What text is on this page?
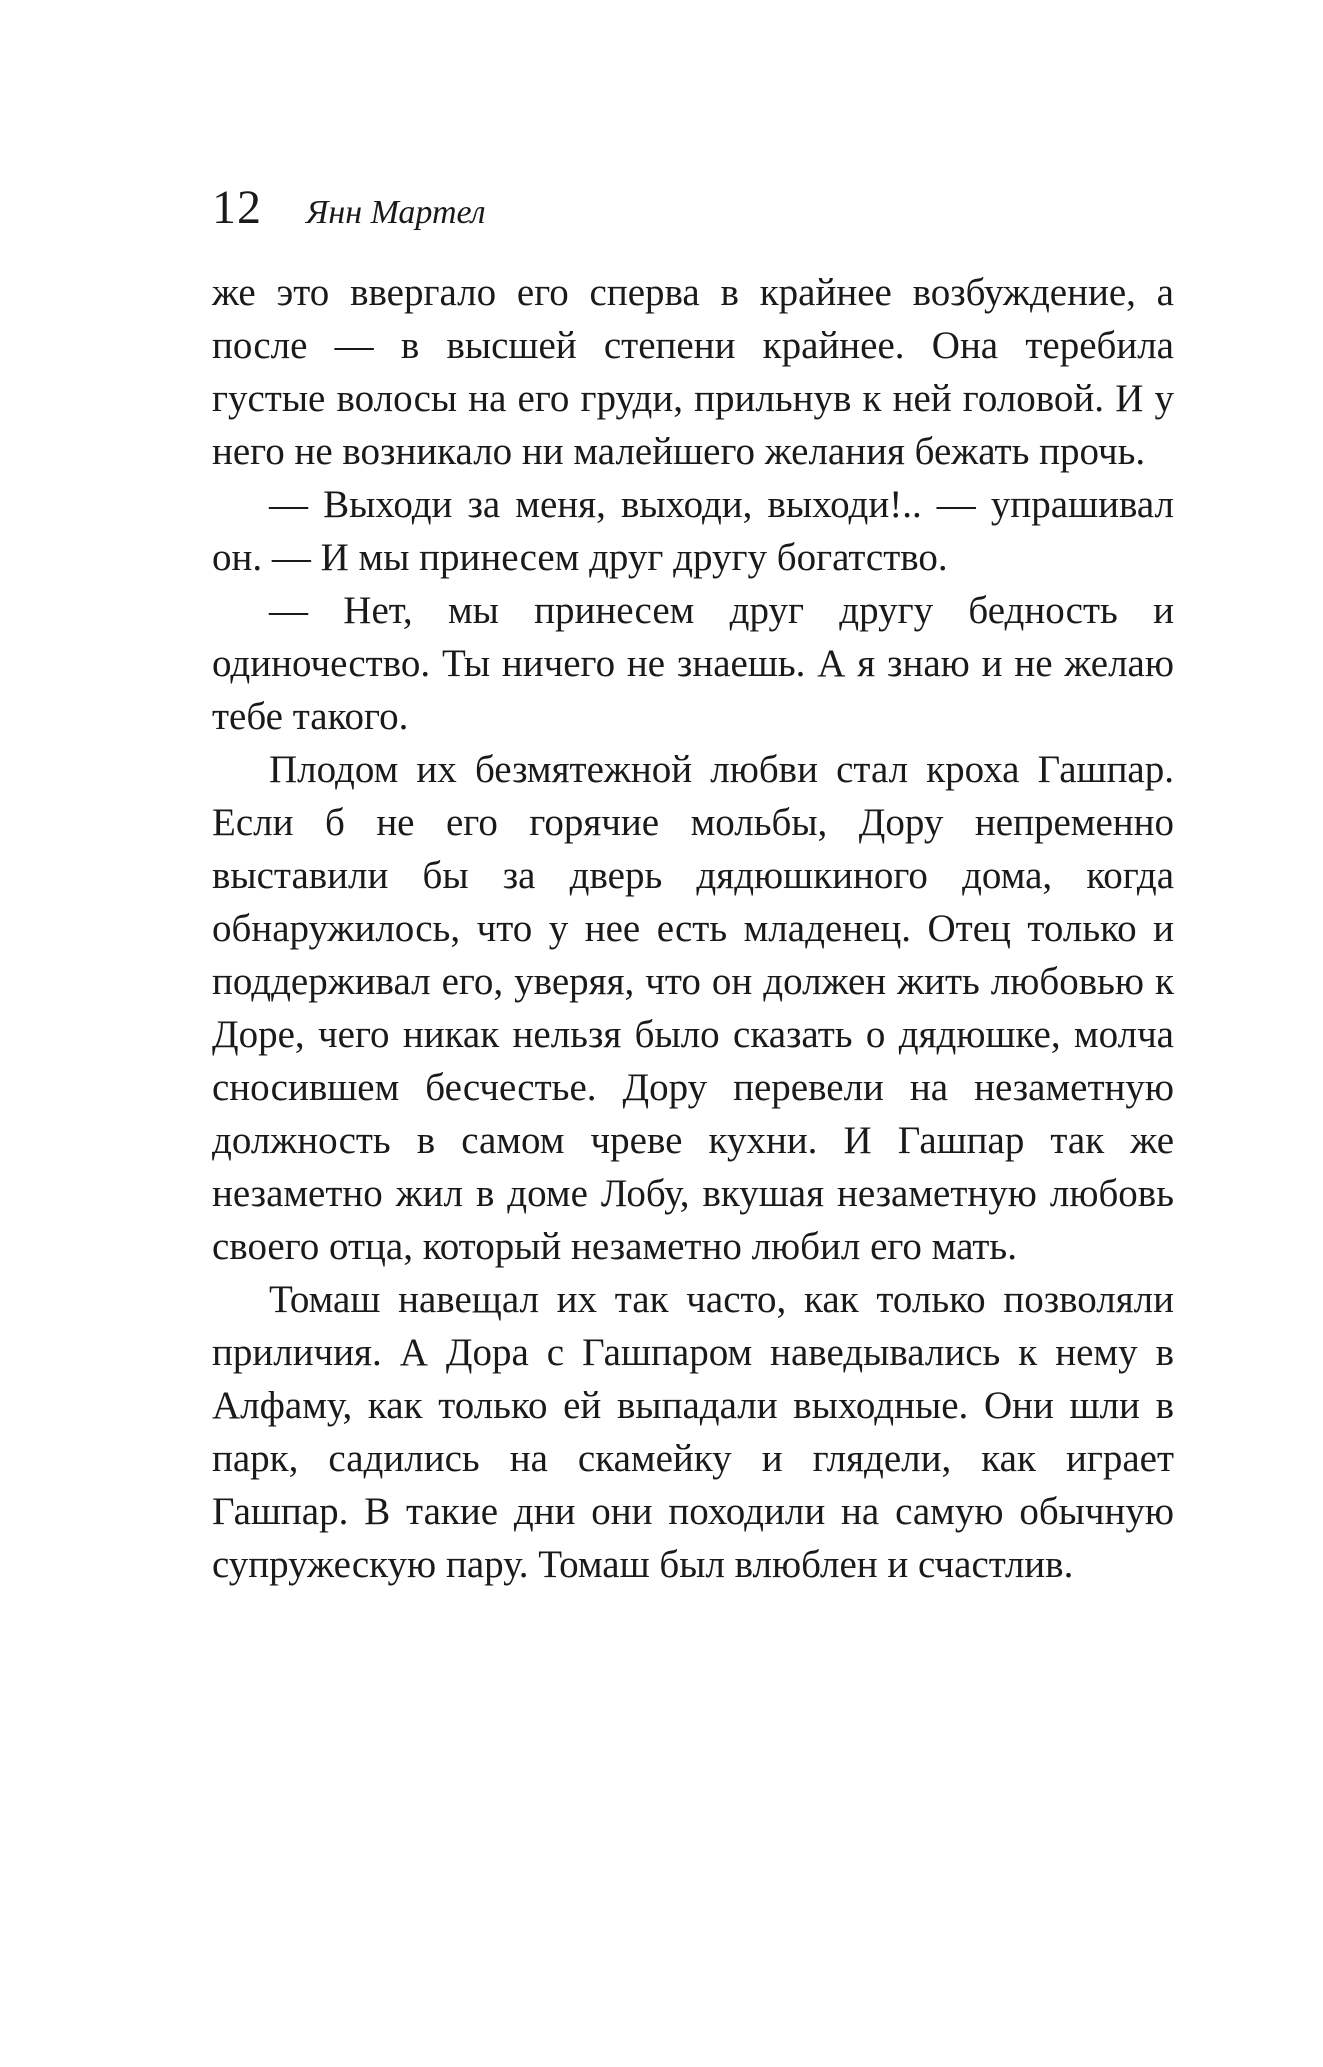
12 Янн Мартел

же это ввергало его сперва в крайнее возбуждение, а после — в высшей степени крайнее. Она теребила густые волосы на его груди, прильнув к ней головой. И у него не возникало ни малейшего желания бежать прочь.

— Выходи за меня, выходи, выходи!.. — упрашивал он. — И мы принесем друг другу богатство.

— Нет, мы принесем друг другу бедность и одиночество. Ты ничего не знаешь. А я знаю и не желаю тебе такого.

Плодом их безмятежной любви стал кроха Гашпар. Если б не его горячие мольбы, Дору непременно выставили бы за дверь дядюшкиного дома, когда обнаружилось, что у нее есть младенец. Отец только и поддерживал его, уверяя, что он должен жить любовью к Доре, чего никак нельзя было сказать о дядюшке, молча сносившем бесчестье. Дору перевели на незаметную должность в самом чреве кухни. И Гашпар так же незаметно жил в доме Лобу, вкушая незаметную любовь своего отца, который незаметно любил его мать.

Томаш навещал их так часто, как только позволяли приличия. А Дора с Гашпаром наведывались к нему в Алфаму, как только ей выпадали выходные. Они шли в парк, садились на скамейку и глядели, как играет Гашпар. В такие дни они походили на самую обычную супружескую пару. Томаш был влюблен и счастлив.
